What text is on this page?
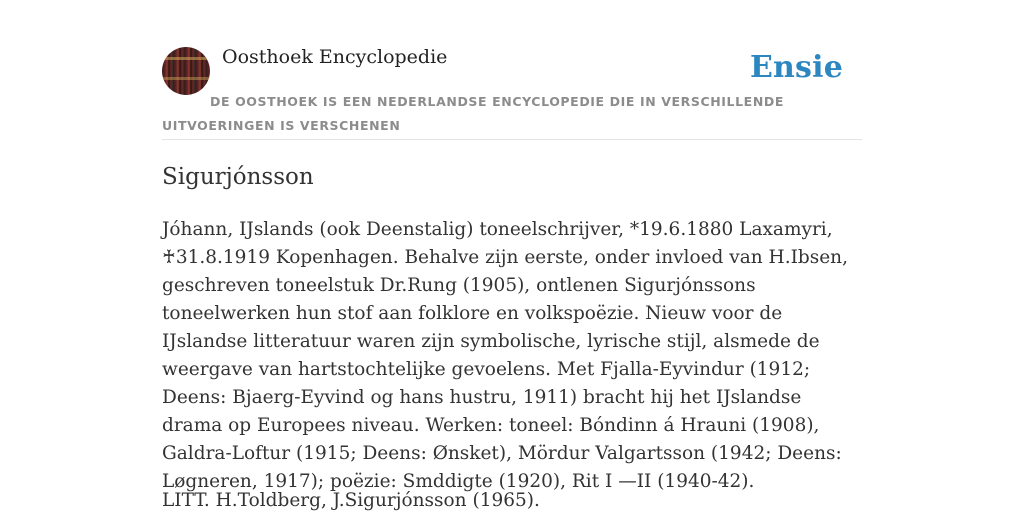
Oosthoek Encyclopedie	Ensie
DE OOSTHOEK IS EEN NEDERLANDSE ENCYCLOPEDIE DIE IN VERSCHILLENDE UITVOERINGEN IS VERSCHENEN
Sigurjónsson

Jóhann, IJslands (ook Deenstalig) toneelschrijver, *19.6.1880 Laxamyri, ♰31.8.1919 Kopenhagen. Behalve zijn eerste, onder invloed van H.Ibsen, geschreven toneelstuk Dr.Rung (1905), ontlenen Sigurjónssons toneelwerken hun stof aan folklore en volkspoëzie. Nieuw voor de IJslandse litteratuur waren zijn symbolische, lyrische stijl, alsmede de weergave van hartstochtelijke gevoelens. Met Fjalla-Eyvindur (1912; Deens: Bjaerg-Eyvind og hans hustru, 1911) bracht hij het IJslandse drama op Europees niveau. Werken: toneel: Bóndinn á Hrauni (1908), Galdra-Loftur (1915; Deens: Ønsket), Mördur Valgartsson (1942; Deens: Løgneren, 1917); poëzie: Smddigte (1920), Rit I —II (1940-42).

LITT. H.Toldberg, J.Sigurjónsson (1965).
